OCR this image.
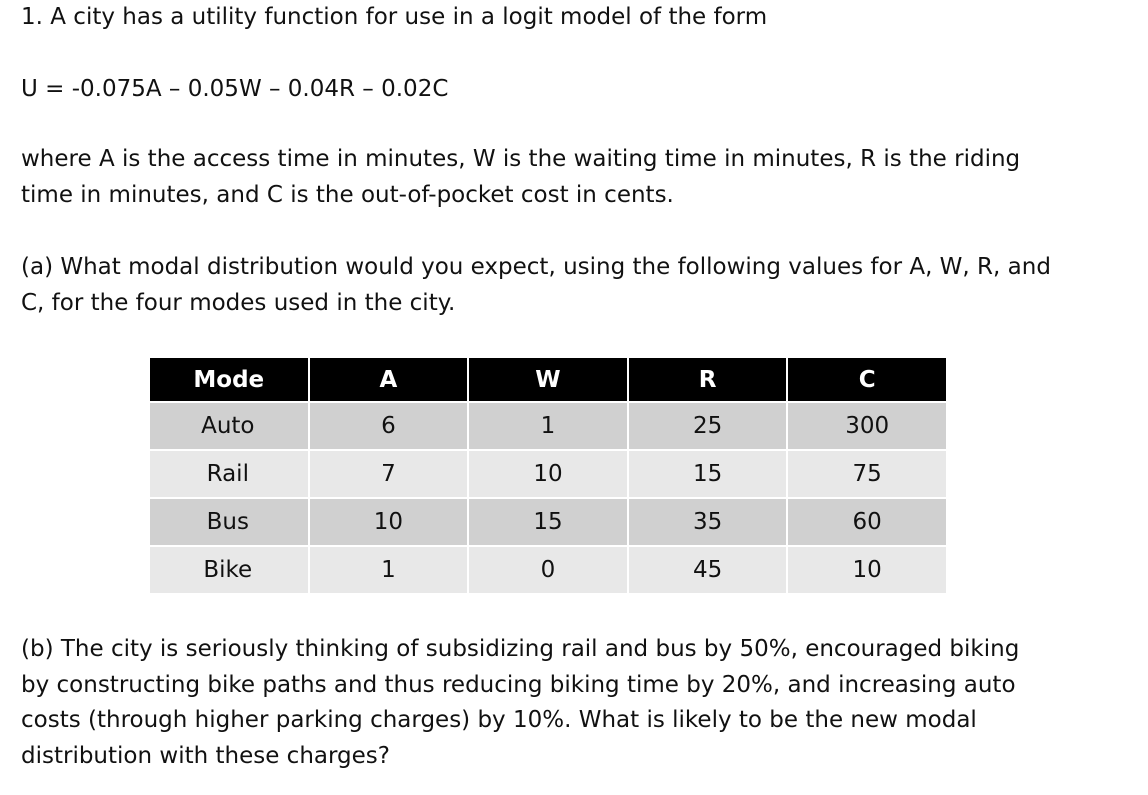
1. A city has a utility function for use in a logit model of the form
U = -0.075A – 0.05W – 0.04R – 0.02C
where A is the access time in minutes, W is the waiting time in minutes, R is the riding
time in minutes, and C is the out-of-pocket cost in cents.
(a) What modal distribution would you expect, using the following values for A, W, R, and
C, for the four modes used in the city.
Mode	A	W	R	C
Auto	6	1	25	300
Rail	7	10	15	75
Bus	10	15	35	60
Bike	1	0	45	10
(b) The city is seriously thinking of subsidizing rail and bus by 50%, encouraged biking
by constructing bike paths and thus reducing biking time by 20%, and increasing auto
costs (through higher parking charges) by 10%. What is likely to be the new modal
distribution with these charges?
